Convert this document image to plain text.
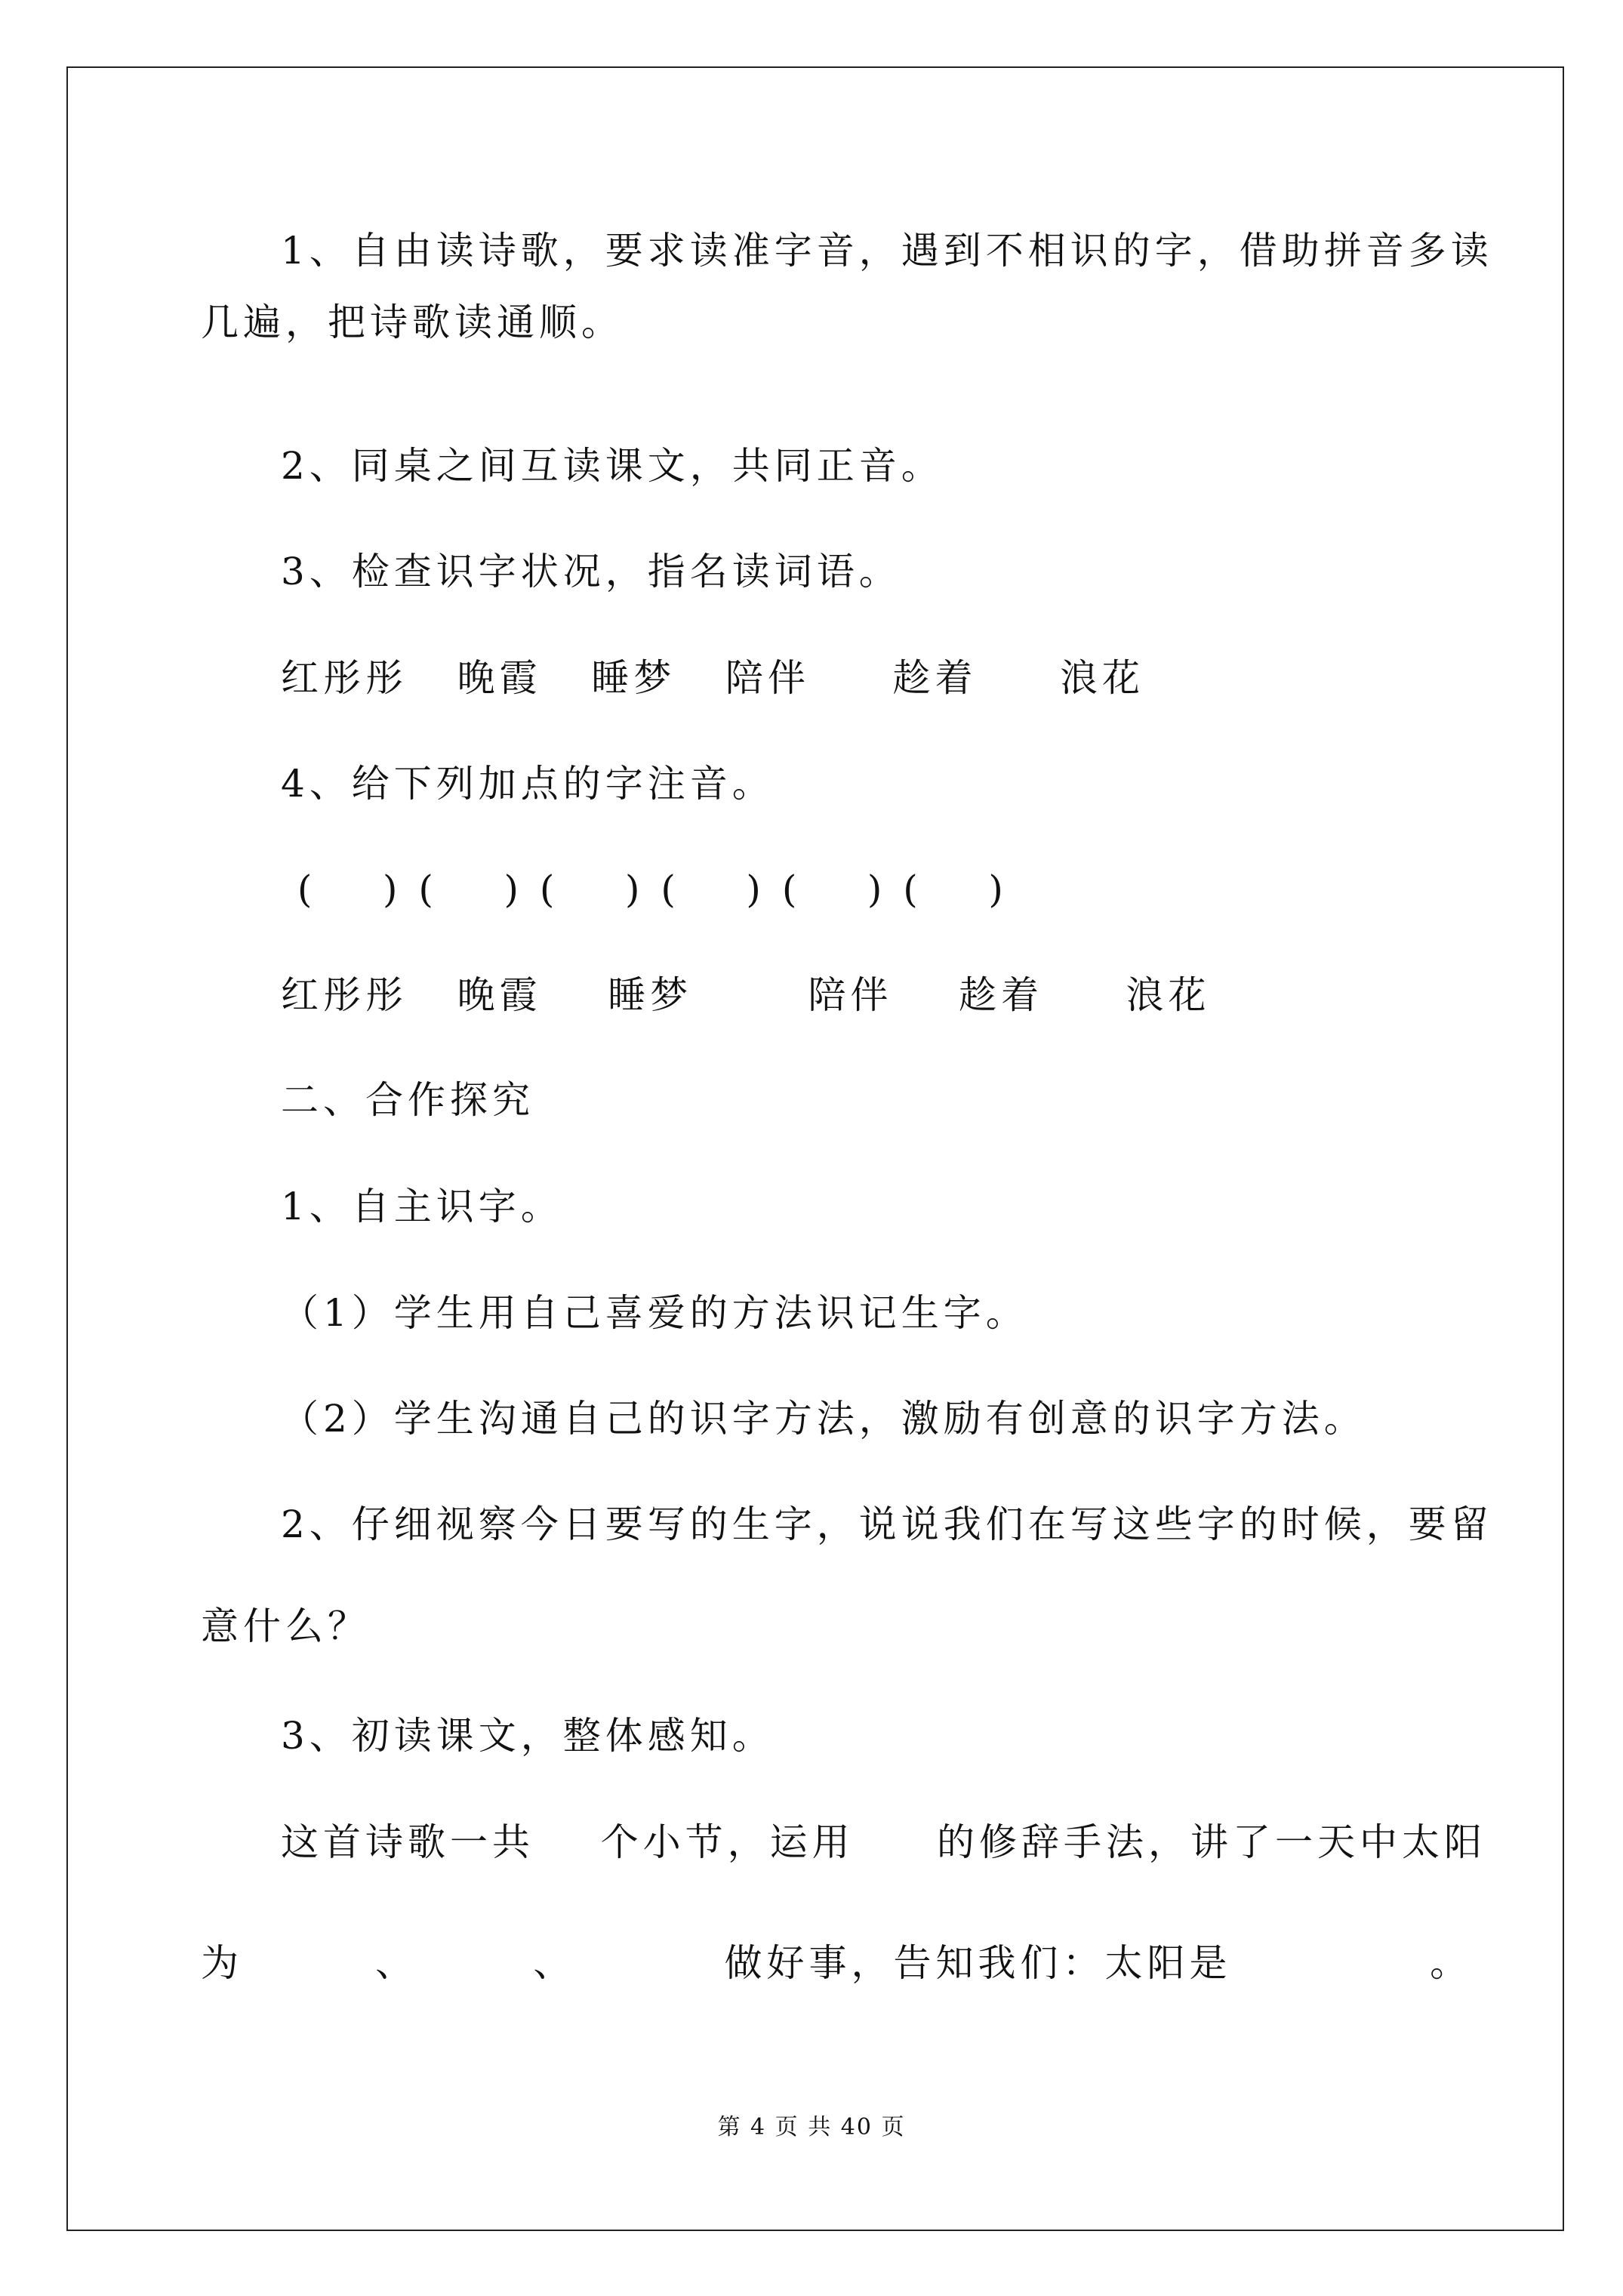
1、自由读诗歌，要求读准字音，遇到不相识的字，借助拼音多读
几遍，把诗歌读通顺。
2、同桌之间互读课文，共同正音。
3、检查识字状况，指名读词语。
红彤彤   晚霞   睡梦   陪伴     趁着     浪花
4、给下列加点的字注音。
(    ) (    ) (    ) (    ) (    ) (    )
红彤彤   晚霞    睡梦       陪伴    趁着     浪花
二、合作探究
1、自主识字。
（1）学生用自己喜爱的方法识记生字。
（2）学生沟通自己的识字方法，激励有创意的识字方法。
2、仔细视察今日要写的生字，说说我们在写这些字的时候，要留
意什么？
3、初读课文，整体感知。
这首诗歌一共    个小节，运用     的修辞手法，讲了一天中太阳
为        、       、         做好事，告知我们：太阳是            。
第 4 页 共 40 页
